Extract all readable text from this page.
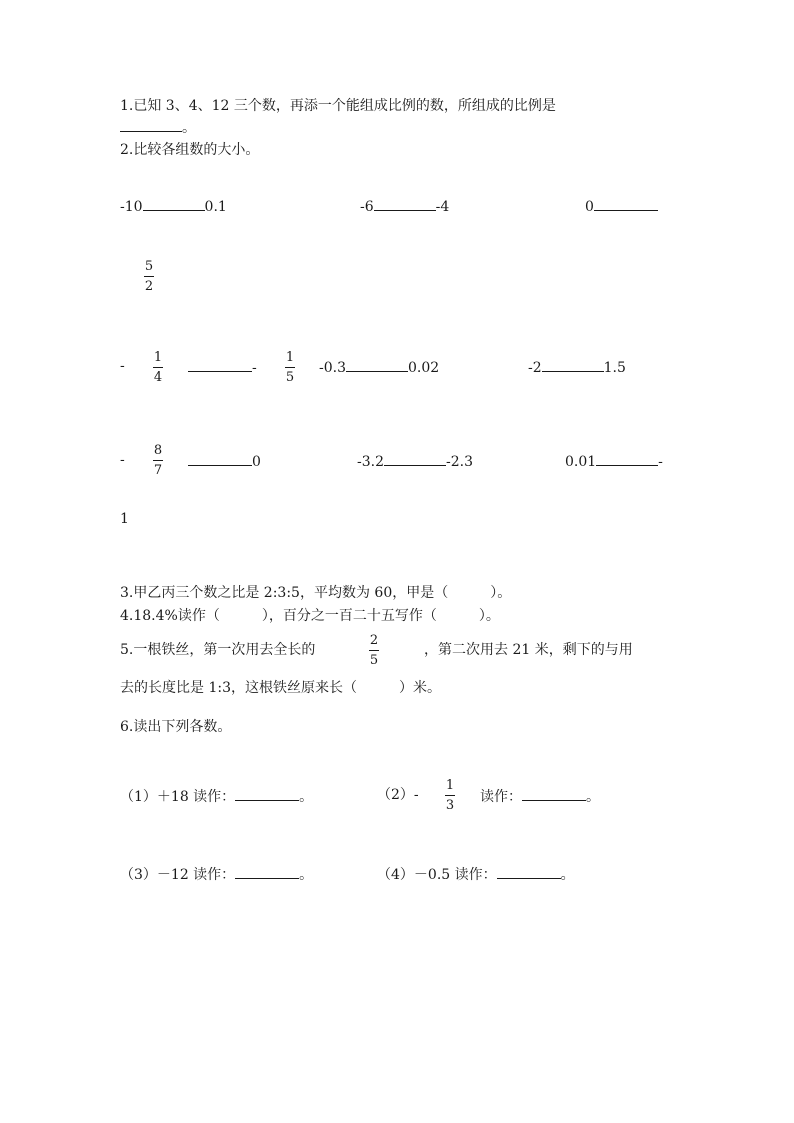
1.已知 3、4、12 三个数，再添一个能组成比例的数，所组成的比例是
。
2.比较各组数的大小。
-10	0.1	-6	-4	0
5
2
-
1
4
-
1
5
-0.3	0.02	-2	1.5
-
8
7
0	-3.2	-2.3	0.01	-
1
3.甲乙丙三个数之比是 2:3:5，平均数为 60，甲是（　　　）。
4.18.4%读作（　　　），百分之一百二十五写作（　　　）。
5.一根铁丝，第一次用去全长的
2
5
，第二次用去 21 米，剩下的与用
去的长度比是 1:3，这根铁丝原来长（　　　）米。
6.读出下列各数。
（1）＋18 读作：	。	（2）-
1
3
读作：	。
（3）－12 读作：	。	（4）－0.5 读作：	。
